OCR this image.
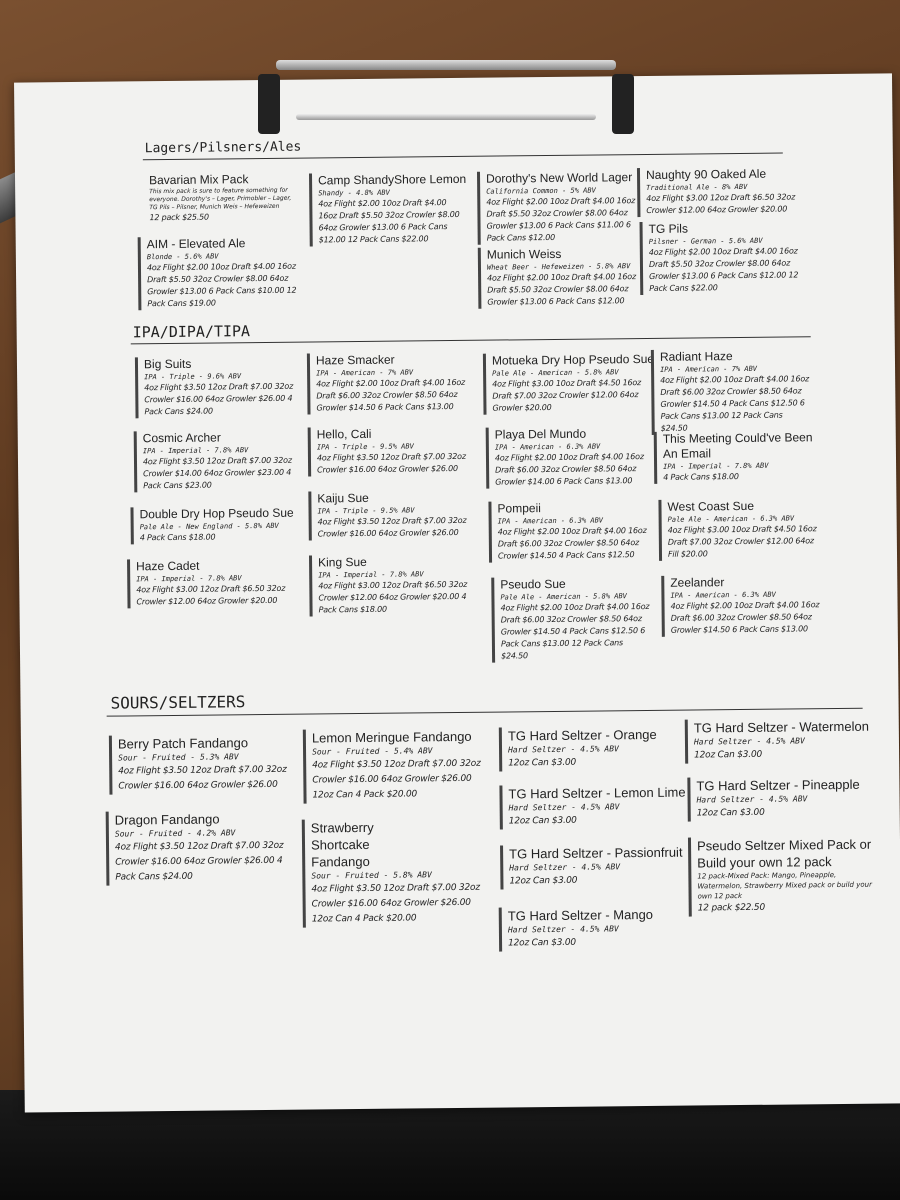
Lagers/Pilsners/Ales
Bavarian Mix Pack
This mix pack is sure to feature something for everyone. Dorothy's – Lager, Primobler – Lager, TG Pils – Pilsner, Munich Weis – Hefeweizen
12 pack $25.50
AIM - Elevated Ale
Blonde - 5.6% ABV
4oz Flight $2.00 10oz Draft $4.00 16oz Draft $5.50 32oz Crowler $8.00 64oz Growler $13.00 6 Pack Cans $10.00 12 Pack Cans $19.00
Camp ShandyShore Lemon
Shandy - 4.8% ABV
4oz Flight $2.00 10oz Draft $4.00 16oz Draft $5.50 32oz Crowler $8.00 64oz Growler $13.00 6 Pack Cans $12.00 12 Pack Cans $22.00
Dorothy's New World Lager
California Common - 5% ABV
4oz Flight $2.00 10oz Draft $4.00 16oz Draft $5.50 32oz Crowler $8.00 64oz Growler $13.00 6 Pack Cans $11.00 6 Pack Cans $12.00
Munich Weiss
Wheat Beer - Hefeweizen - 5.8% ABV
4oz Flight $2.00 10oz Draft $4.00 16oz Draft $5.50 32oz Crowler $8.00 64oz Growler $13.00 6 Pack Cans $12.00
Naughty 90 Oaked Ale
Traditional Ale - 8% ABV
4oz Flight $3.00 12oz Draft $6.50 32oz Crowler $12.00 64oz Growler $20.00
TG Pils
Pilsner - German - 5.6% ABV
4oz Flight $2.00 10oz Draft $4.00 16oz Draft $5.50 32oz Crowler $8.00 64oz Growler $13.00 6 Pack Cans $12.00 12 Pack Cans $22.00
IPA/DIPA/TIPA
Big Suits
IPA - Triple - 9.6% ABV
4oz Flight $3.50 12oz Draft $7.00 32oz Crowler $16.00 64oz Growler $26.00 4 Pack Cans $24.00
Cosmic Archer
IPA - Imperial - 7.8% ABV
4oz Flight $3.50 12oz Draft $7.00 32oz Crowler $14.00 64oz Growler $23.00 4 Pack Cans $23.00
Double Dry Hop Pseudo Sue
Pale Ale - New England - 5.8% ABV
4 Pack Cans $18.00
Haze Cadet
IPA - Imperial - 7.8% ABV
4oz Flight $3.00 12oz Draft $6.50 32oz Crowler $12.00 64oz Growler $20.00
Haze Smacker
IPA - American - 7% ABV
4oz Flight $2.00 10oz Draft $4.00 16oz Draft $6.00 32oz Crowler $8.50 64oz Growler $14.50 6 Pack Cans $13.00
Hello, Cali
IPA - Triple - 9.5% ABV
4oz Flight $3.50 12oz Draft $7.00 32oz Crowler $16.00 64oz Growler $26.00
Kaiju Sue
IPA - Triple - 9.5% ABV
4oz Flight $3.50 12oz Draft $7.00 32oz Crowler $16.00 64oz Growler $26.00
King Sue
IPA - Imperial - 7.8% ABV
4oz Flight $3.00 12oz Draft $6.50 32oz Crowler $12.00 64oz Growler $20.00 4 Pack Cans $18.00
Motueka Dry Hop Pseudo Sue
Pale Ale - American - 5.8% ABV
4oz Flight $3.00 10oz Draft $4.50 16oz Draft $7.00 32oz Crowler $12.00 64oz Growler $20.00
Playa Del Mundo
IPA - American - 6.3% ABV
4oz Flight $2.00 10oz Draft $4.00 16oz Draft $6.00 32oz Crowler $8.50 64oz Growler $14.00 6 Pack Cans $13.00
Pompeii
IPA - American - 6.3% ABV
4oz Flight $2.00 10oz Draft $4.00 16oz Draft $6.00 32oz Crowler $8.50 64oz Crowler $14.50 4 Pack Cans $12.50
Pseudo Sue
Pale Ale - American - 5.8% ABV
4oz Flight $2.00 10oz Draft $4.00 16oz Draft $6.00 32oz Crowler $8.50 64oz Growler $14.50 4 Pack Cans $12.50 6 Pack Cans $13.00 12 Pack Cans $24.50
Radiant Haze
IPA - American - 7% ABV
4oz Flight $2.00 10oz Draft $4.00 16oz Draft $6.00 32oz Crowler $8.50 64oz Growler $14.50 4 Pack Cans $12.50 6 Pack Cans $13.00 12 Pack Cans $24.50
This Meeting Could've Been An Email
IPA - Imperial - 7.8% ABV
4 Pack Cans $18.00
West Coast Sue
Pale Ale - American - 6.3% ABV
4oz Flight $3.00 10oz Draft $4.50 16oz Draft $7.00 32oz Crowler $12.00 64oz Fill $20.00
Zeelander
IPA - American - 6.3% ABV
4oz Flight $2.00 10oz Draft $4.00 16oz Draft $6.00 32oz Crowler $8.50 64oz Growler $14.50 6 Pack Cans $13.00
SOURS/SELTZERS
Berry Patch Fandango
Sour - Fruited - 5.3% ABV
4oz Flight $3.50 12oz Draft $7.00 32oz Crowler $16.00 64oz Growler $26.00
Dragon Fandango
Sour - Fruited - 4.2% ABV
4oz Flight $3.50 12oz Draft $7.00 32oz Crowler $16.00 64oz Growler $26.00 4 Pack Cans $24.00
Lemon Meringue Fandango
Sour - Fruited - 5.4% ABV
4oz Flight $3.50 12oz Draft $7.00 32oz Crowler $16.00 64oz Growler $26.00 12oz Can 4 Pack $20.00
Strawberry Shortcake Fandango
Sour - Fruited - 5.8% ABV
4oz Flight $3.50 12oz Draft $7.00 32oz Crowler $16.00 64oz Growler $26.00 12oz Can 4 Pack $20.00
TG Hard Seltzer - Orange
Hard Seltzer - 4.5% ABV
12oz Can $3.00
TG Hard Seltzer - Lemon Lime
Hard Seltzer - 4.5% ABV
12oz Can $3.00
TG Hard Seltzer - Passionfruit
Hard Seltzer - 4.5% ABV
12oz Can $3.00
TG Hard Seltzer - Mango
Hard Seltzer - 4.5% ABV
12oz Can $3.00
TG Hard Seltzer - Watermelon
Hard Seltzer - 4.5% ABV
12oz Can $3.00
TG Hard Seltzer - Pineapple
Hard Seltzer - 4.5% ABV
12oz Can $3.00
Pseudo Seltzer Mixed Pack or Build your own 12 pack
12 pack-Mixed Pack: Mango, Pineapple, Watermelon, Strawberry Mixed pack or build your own 12 pack
12 pack $22.50
